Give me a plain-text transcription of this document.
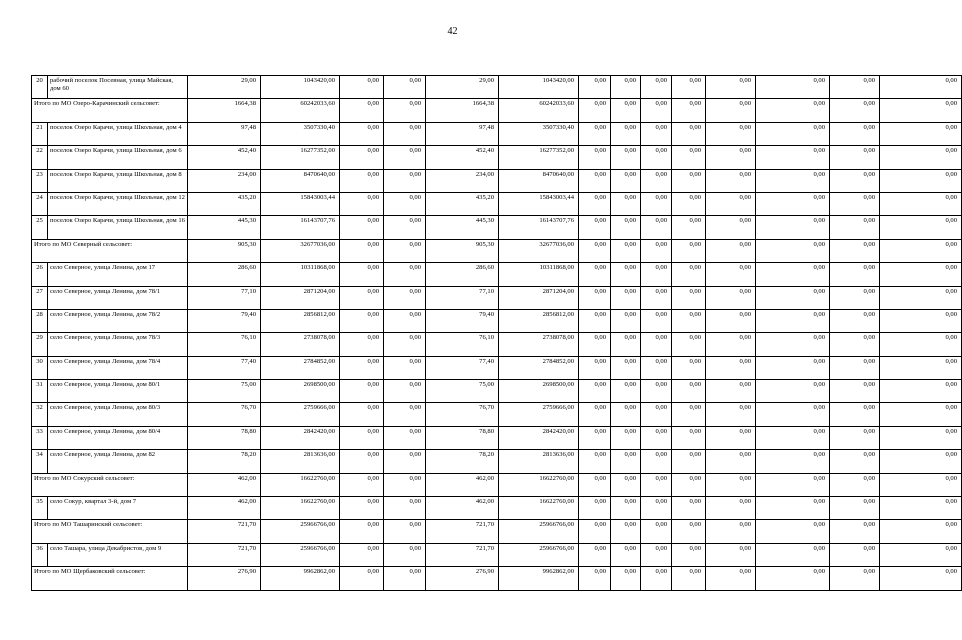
42
20	рабочий поселок Посевная, улица Майская, дом 60	29,00	1043420,00	0,00	0,00	29,00	1043420,00	0,00	0,00	0,00	0,00	0,00	0,00	0,00	0,00
Итого по МО Озеро-Карачинский сельсовет:		1664,38	60242033,60	0,00	0,00	1664,38	60242033,60	0,00	0,00	0,00	0,00	0,00	0,00	0,00	0,00
21	поселок Озеро Карачи, улица Школьная, дом 4	97,48	3507330,40	0,00	0,00	97,48	3507330,40	0,00	0,00	0,00	0,00	0,00	0,00	0,00	0,00
22	поселок Озеро Карачи, улица Школьная, дом 6	452,40	16277352,00	0,00	0,00	452,40	16277352,00	0,00	0,00	0,00	0,00	0,00	0,00	0,00	0,00
23	поселок Озеро Карачи, улица Школьная, дом 8	234,00	8470640,00	0,00	0,00	234,00	8470640,00	0,00	0,00	0,00	0,00	0,00	0,00	0,00	0,00
24	поселок Озеро Карачи, улица Школьная, дом 12	435,20	15843003,44	0,00	0,00	435,20	15843003,44	0,00	0,00	0,00	0,00	0,00	0,00	0,00	0,00
25	поселок Озеро Карачи, улица Школьная, дом 16	445,30	16143707,76	0,00	0,00	445,30	16143707,76	0,00	0,00	0,00	0,00	0,00	0,00	0,00	0,00
Итого по МО Северный сельсовет:		905,30	32677036,00	0,00	0,00	905,30	32677036,00	0,00	0,00	0,00	0,00	0,00	0,00	0,00	0,00
26	село Северное, улица Ленина, дом 17	286,60	10311868,00	0,00	0,00	286,60	10311868,00	0,00	0,00	0,00	0,00	0,00	0,00	0,00	0,00
27	село Северное, улица Ленина, дом 78/1	77,10	2871204,00	0,00	0,00	77,10	2871204,00	0,00	0,00	0,00	0,00	0,00	0,00	0,00	0,00
28	село Северное, улица Ленина, дом 78/2	79,40	2856812,00	0,00	0,00	79,40	2856812,00	0,00	0,00	0,00	0,00	0,00	0,00	0,00	0,00
29	село Северное, улица Ленина, дом 78/3	76,10	2738078,00	0,00	0,00	76,10	2738078,00	0,00	0,00	0,00	0,00	0,00	0,00	0,00	0,00
30	село Северное, улица Ленина, дом 78/4	77,40	2784852,00	0,00	0,00	77,40	2784852,00	0,00	0,00	0,00	0,00	0,00	0,00	0,00	0,00
31	село Северное, улица Ленина, дом 80/1	75,00	2698500,00	0,00	0,00	75,00	2698500,00	0,00	0,00	0,00	0,00	0,00	0,00	0,00	0,00
32	село Северное, улица Ленина, дом 80/3	76,70	2759666,00	0,00	0,00	76,70	2759666,00	0,00	0,00	0,00	0,00	0,00	0,00	0,00	0,00
33	село Северное, улица Ленина, дом 80/4	78,80	2842420,00	0,00	0,00	78,80	2842420,00	0,00	0,00	0,00	0,00	0,00	0,00	0,00	0,00
34	село Северное, улица Ленина, дом 82	78,20	2813636,00	0,00	0,00	78,20	2813636,00	0,00	0,00	0,00	0,00	0,00	0,00	0,00	0,00
Итого по МО Сокурский сельсовет:		462,00	16622760,00	0,00	0,00	462,00	16622760,00	0,00	0,00	0,00	0,00	0,00	0,00	0,00	0,00
35	село Сокур, квартал 3-й, дом 7	462,00	16622760,00	0,00	0,00	462,00	16622760,00	0,00	0,00	0,00	0,00	0,00	0,00	0,00	0,00
Итого по МО Ташаринский сельсовет:		721,70	25966766,00	0,00	0,00	721,70	25966766,00	0,00	0,00	0,00	0,00	0,00	0,00	0,00	0,00
36	село Ташара, улица Декабристов, дом 9	721,70	25966766,00	0,00	0,00	721,70	25966766,00	0,00	0,00	0,00	0,00	0,00	0,00	0,00	0,00
Итого по МО Щербаковский сельсовет:		276,90	9962862,00	0,00	0,00	276,90	9962862,00	0,00	0,00	0,00	0,00	0,00	0,00	0,00	0,00
